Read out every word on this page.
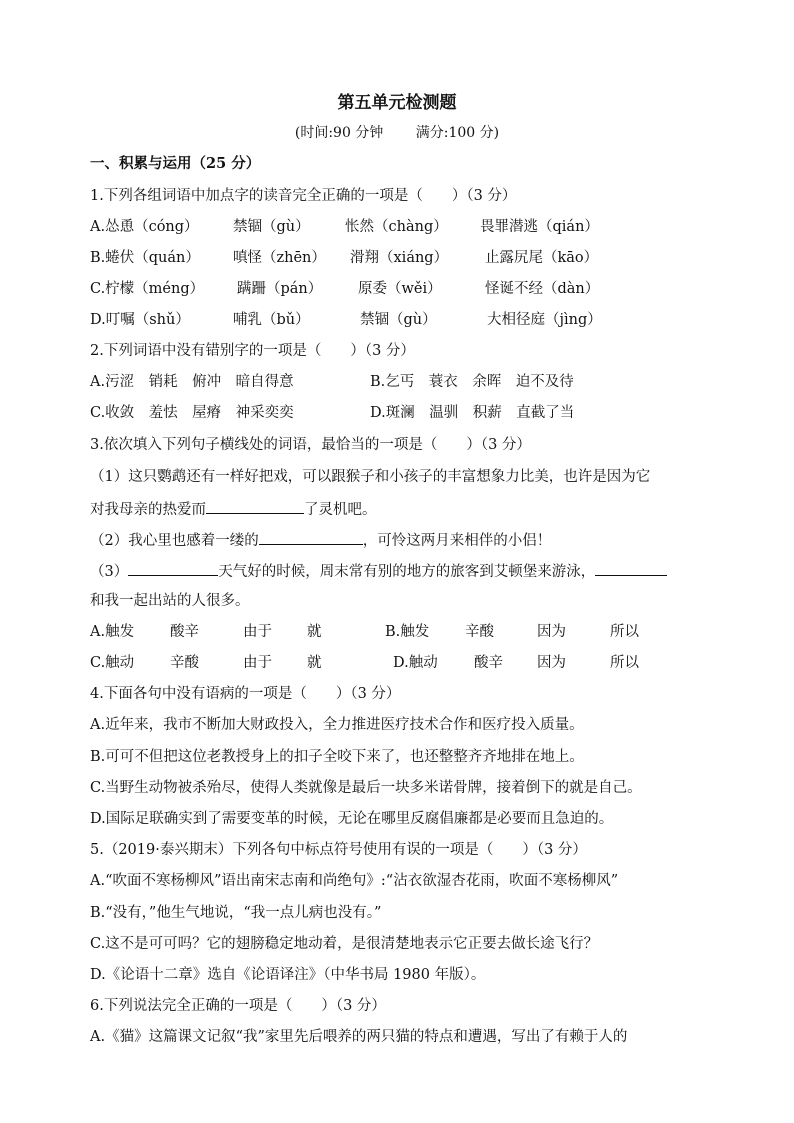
第五单元检测题
(时间:90 分钟 满分:100 分)
一、积累与运用（25 分）
1.下列各组词语中加点字的读音完全正确的一项是（　　）（3 分）
A.怂恿（cóng） 禁锢（gù） 怅然（chàng） 畏罪潜逃（qián）
B.蜷伏（quán） 嗔怪（zhēn） 滑翔（xiáng）	止露尻尾（kāo）
C.柠檬（méng） 蹒跚（pán） 原委（wěi）	怪诞不经（dàn）
D.叮嘱（shǔ）	哺乳（bǔ）	禁锢（gù）	大相径庭（jìng）
2.下列词语中没有错别字的一项是（　　）（3 分）
A.污涩　销耗　俯冲　暗自得意	B.乞丐　蓑衣　余晖　迫不及待
C.收敛　羞怯　屋瘠　神采奕奕	D.斑澜　温驯　积薪　直截了当
3.依次填入下列句子横线处的词语，最恰当的一项是（　　）（3 分）
（1）这只鹦鹉还有一样好把戏，可以跟猴子和小孩子的丰富想象力比美，也许是因为它
对我母亲的热爱而	了灵机吧。
（2）我心里也感着一缕的	，可怜这两月来相伴的小侣！
（3）	天气好的时候，周末常有别的地方的旅客到艾顿堡来游泳，
和我一起出站的人很多。
A.触发 酸辛	由于 就	B.触发 辛酸	因为	所以
C.触动 辛酸	由于 就	D.触动	酸辛 因为	所以
4.下面各句中没有语病的一项是（　　）（3 分）
A.近年来，我市不断加大财政投入，全力推进医疗技术合作和医疗投入质量。
B.可可不但把这位老教授身上的扣子全咬下来了，也还整整齐齐地排在地上。
C.当野生动物被杀殆尽，使得人类就像是最后一块多米诺骨牌，接着倒下的就是自己。
D.国际足联确实到了需要变革的时候，无论在哪里反腐倡廉都是必要而且急迫的。
5.（2019·泰兴期末）下列各句中标点符号使用有误的一项是（　　）（3 分）
A.“吹面不寒杨柳风”语出南宋志南和尚绝句》:“沾衣欲湿杏花雨，吹面不寒杨柳风”
B.“没有，”他生气地说，“我一点儿病也没有。”
C.这不是可可吗？它的翅膀稳定地动着，是很清楚地表示它正要去做长途飞行？
D.《论语十二章》选自《论语译注》（中华书局 1980 年版）。
6.下列说法完全正确的一项是（　　）（3 分）
A.《猫》这篇课文记叙“我”家里先后喂养的两只猫的特点和遭遇，写出了有赖于人的
